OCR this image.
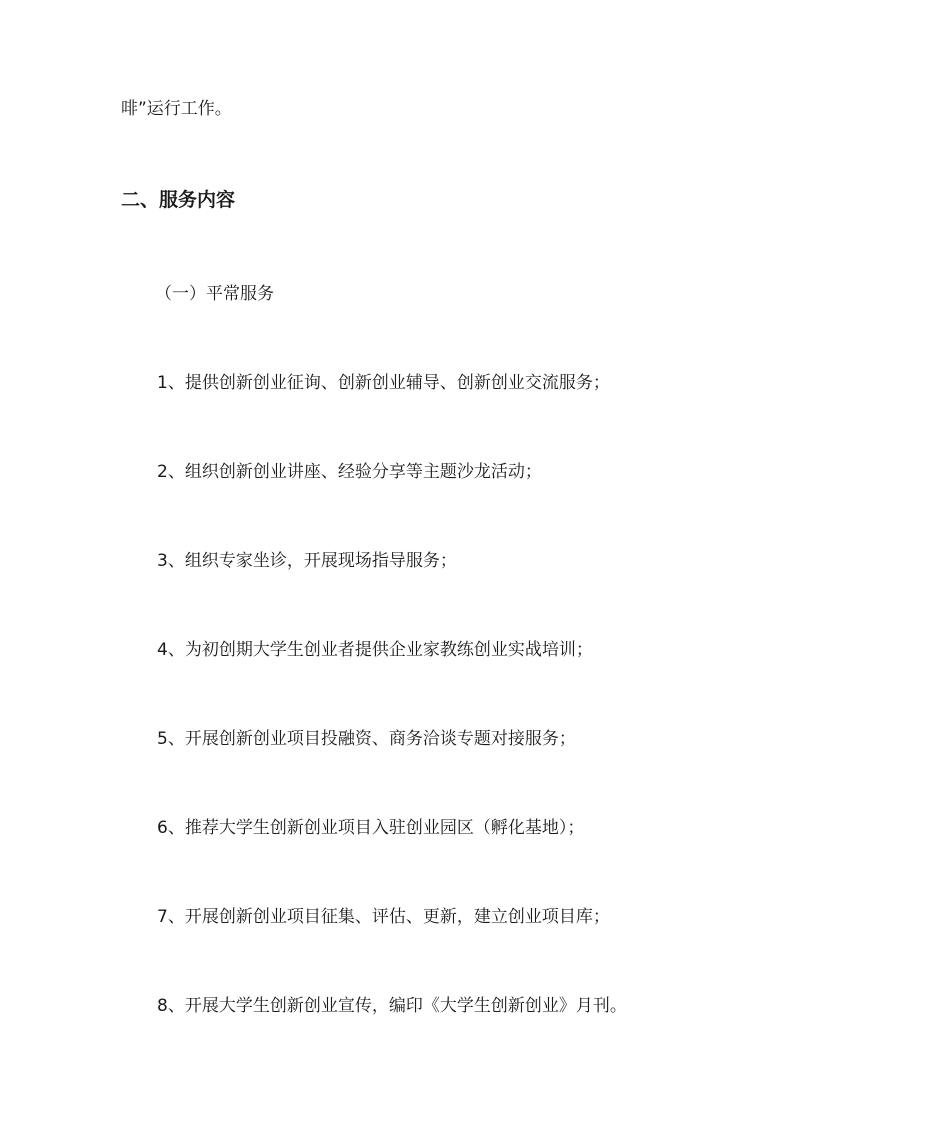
啡”运行工作。
二、服务内容
（一）平常服务
1、提供创新创业征询、创新创业辅导、创新创业交流服务；
2、组织创新创业讲座、经验分享等主题沙龙活动；
3、组织专家坐诊，开展现场指导服务；
4、为初创期大学生创业者提供企业家教练创业实战培训；
5、开展创新创业项目投融资、商务洽谈专题对接服务；
6、推荐大学生创新创业项目入驻创业园区（孵化基地）；
7、开展创新创业项目征集、评估、更新，建立创业项目库；
8、开展大学生创新创业宣传，编印《大学生创新创业》月刊。
